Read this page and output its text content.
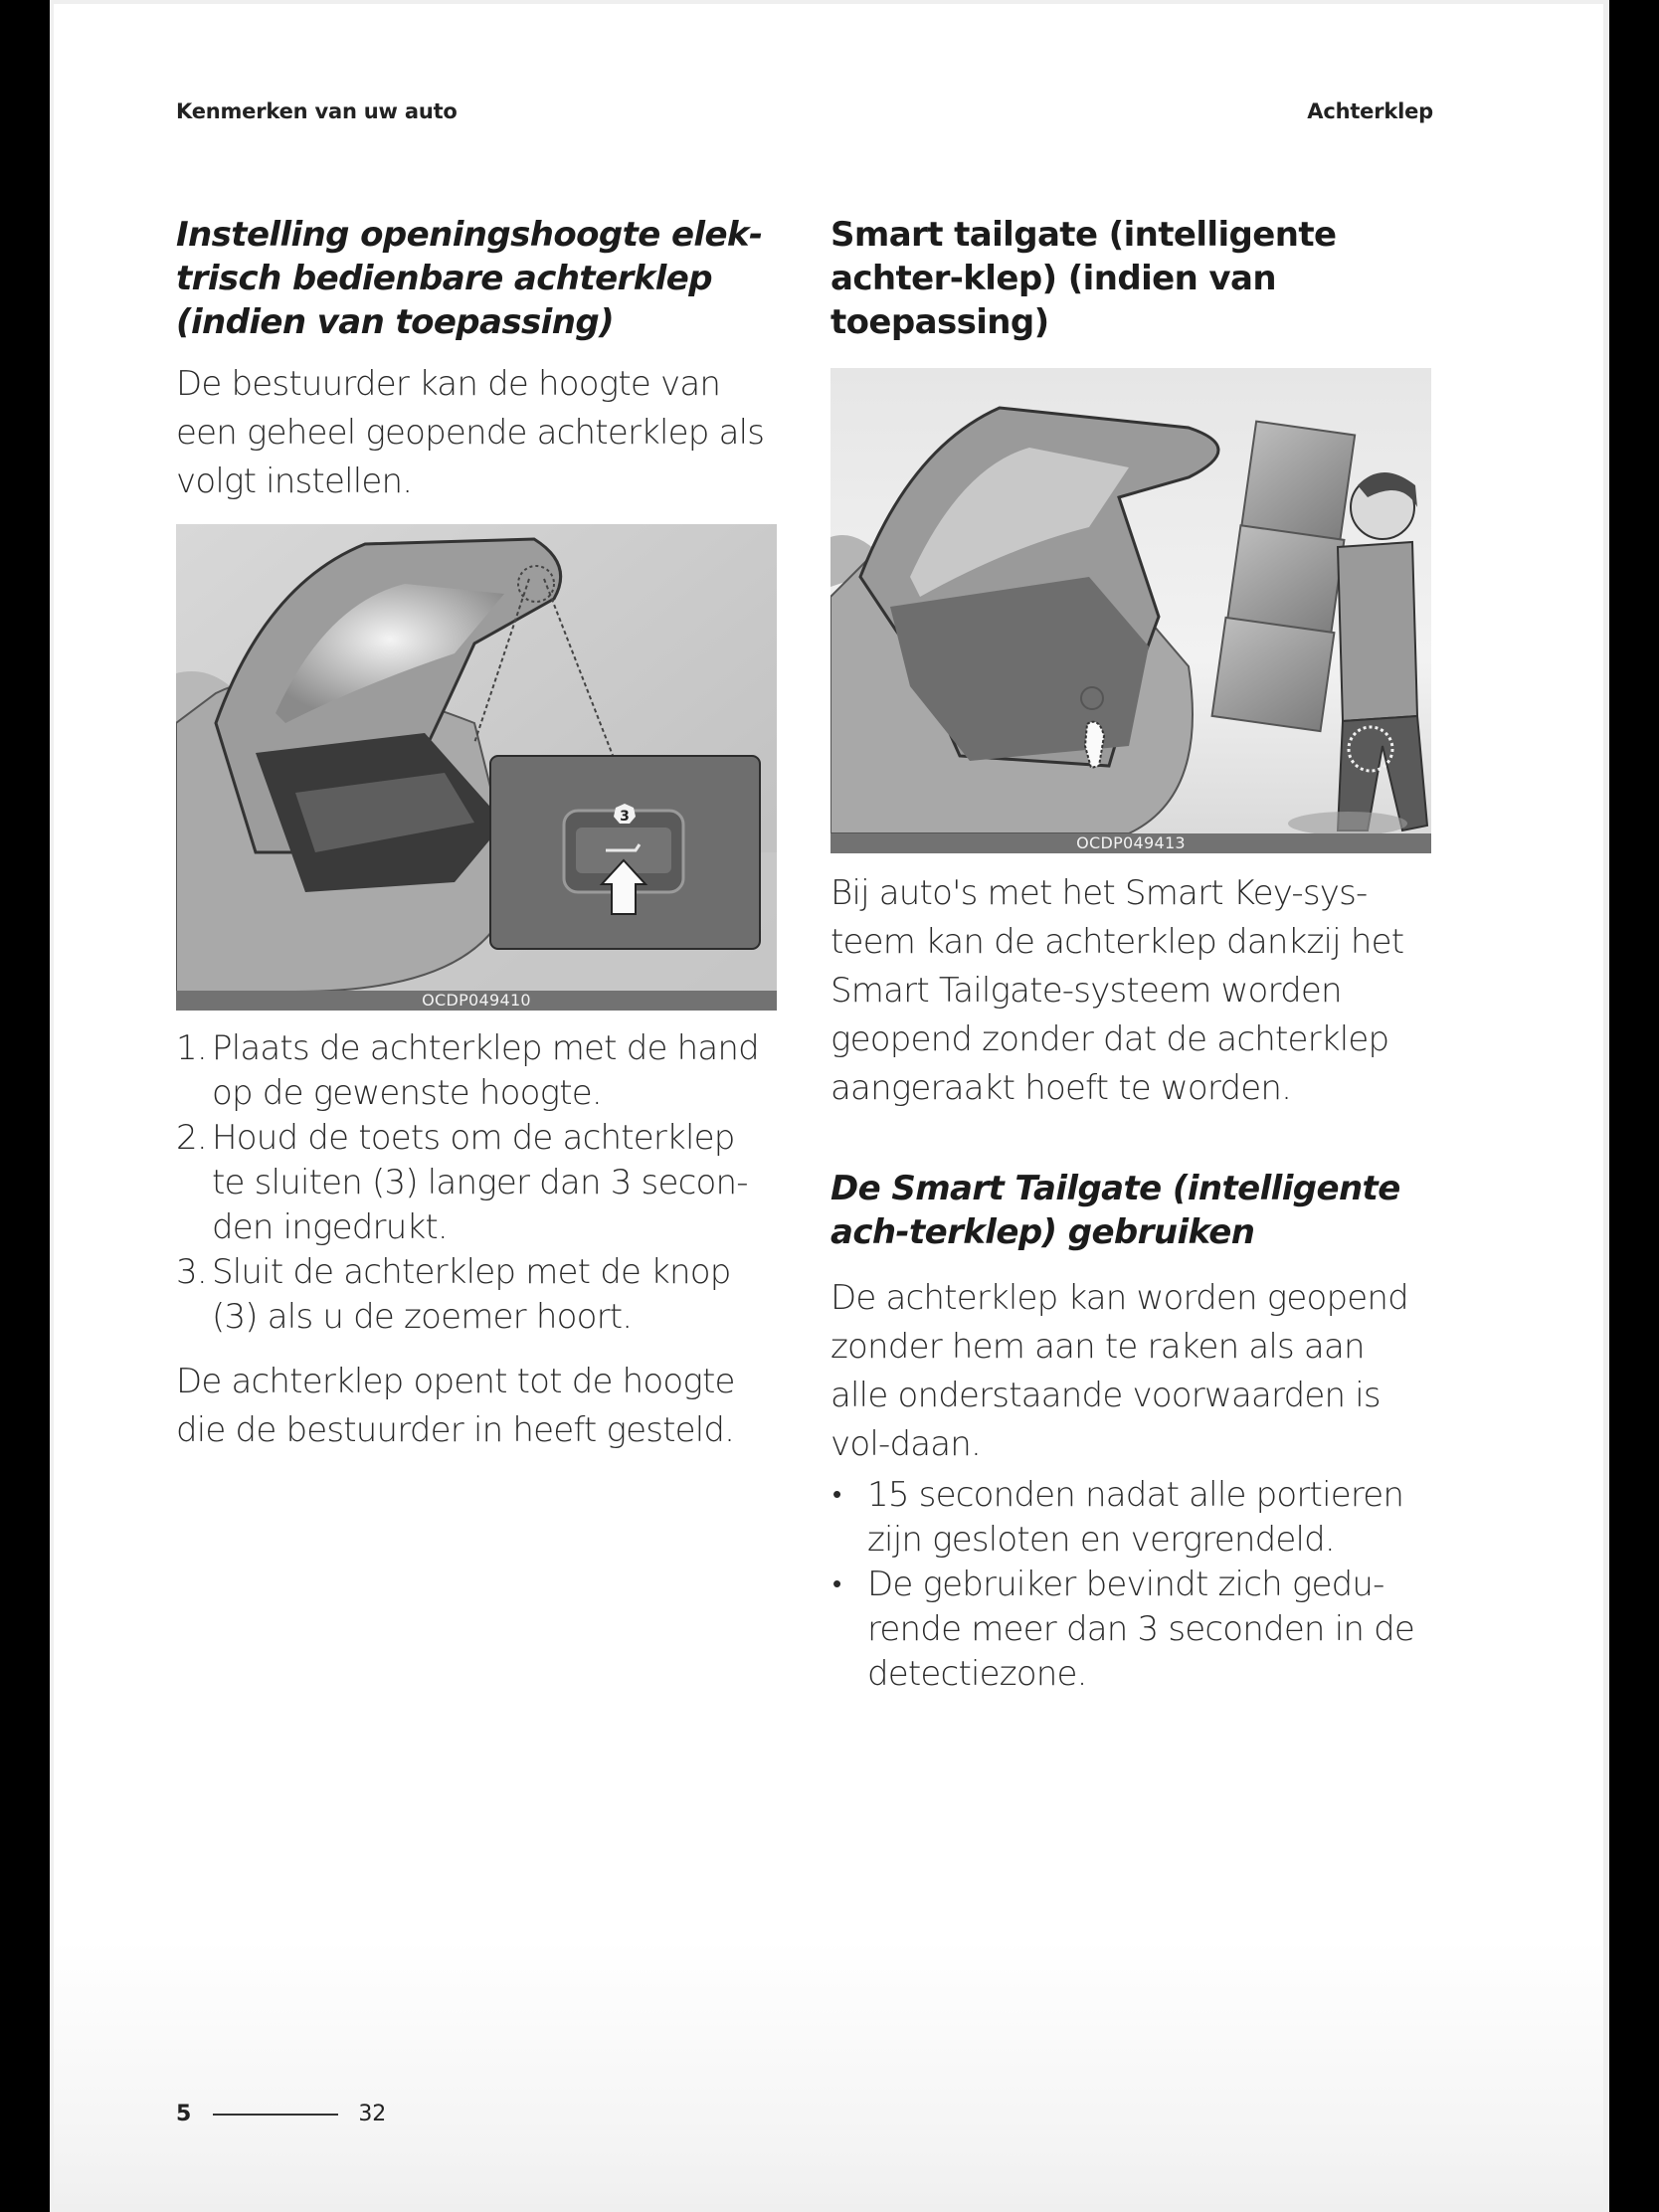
Kenmerken van uw auto	Achterklep
Instelling openingshoogte elek-trisch bedienbare achterklep (indien van toepassing)

De bestuurder kan de hoogte van een geheel geopende achterklep als volgt instellen.

3
OCDP049410
1. Plaats de achterklep met de hand op de gewenste hoogte.
2. Houd de toets om de achterklep te sluiten (3) langer dan 3 secon-den ingedrukt.
3. Sluit de achterklep met de knop (3) als u de zoemer hoort.

De achterklep opent tot de hoogte die de bestuurder in heeft gesteld.

Smart tailgate (intelligente achter-klep) (indien van toepassing)
OCDP049413

Bij auto's met het Smart Key-sys-teem kan de achterklep dankzij het Smart Tailgate-systeem worden geopend zonder dat de achterklep aangeraakt hoeft te worden.

De Smart Tailgate (intelligente ach-terklep) gebruiken

De achterklep kan worden geopend zonder hem aan te raken als aan alle onderstaande voorwaarden is vol-daan.

• 15 seconden nadat alle portieren zijn gesloten en vergrendeld.
• De gebruiker bevindt zich gedu-rende meer dan 3 seconden in de detectiezone.
5	32
